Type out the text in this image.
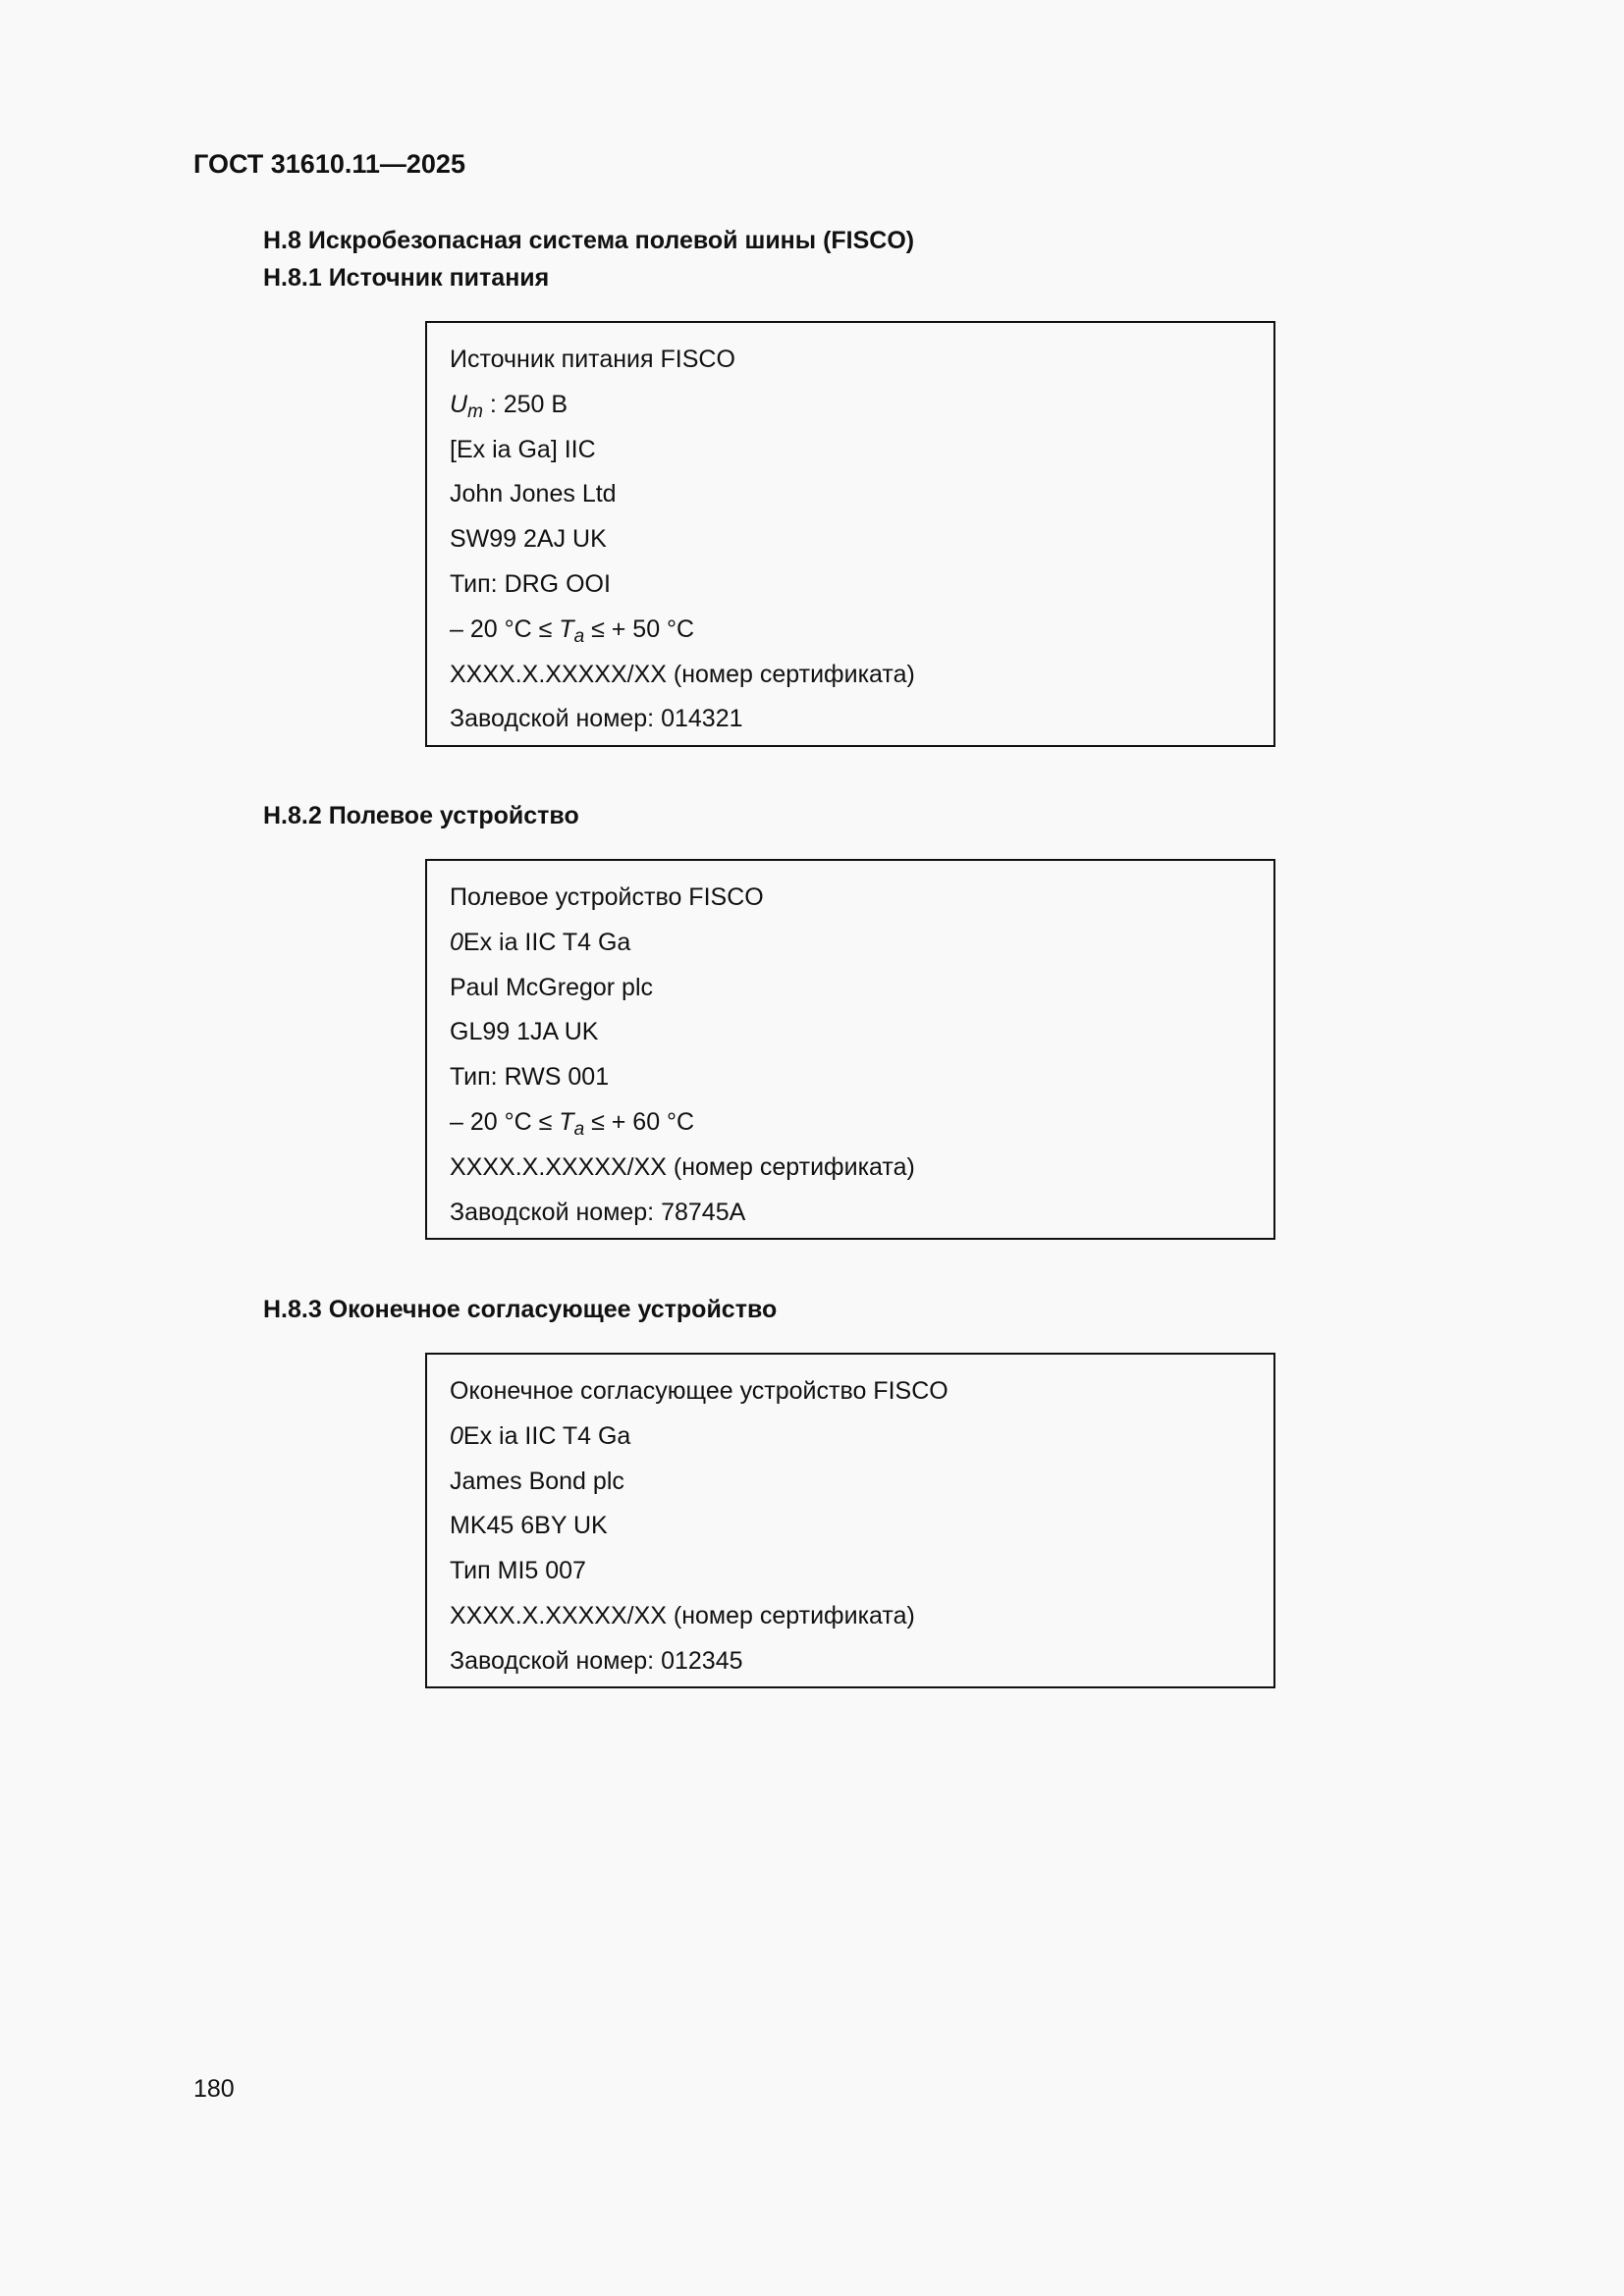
ГОСТ 31610.11—2025
Н.8 Искробезопасная система полевой шины (FISCO)
Н.8.1 Источник питания
Источник питания FISCO
$U_m$ : 250 В
[Ex ia Ga] IIC
John Jones Ltd
SW99 2AJ UK
Тип: DRG OOI
– 20 $^\circ С \le T_a$ ≤ + 50 °С
XXXX.X.XXXXX/XX (номер сертификата)
Заводской номер: 014321
Н.8.2 Полевое устройство
Полевое устройство FISCO
0Ex ia IIC T4 Ga
Paul McGregor plc
GL99 1JA UK
Тип: RWS 001
– 20 $^\circ С \le T_a$ ≤ + 60 °С
XXXX.X.XXXXX/XX (номер сертификата)
Заводской номер: 78745A
Н.8.3 Оконечное согласующее устройство
Оконечное согласующее устройство FISCO
0Ex ia IIC T4 Ga
James Bond plc
MK45 6BY UK
Тип MI5 007
XXXX.X.XXXXX/XX (номер сертификата)
Заводской номер: 012345
180
